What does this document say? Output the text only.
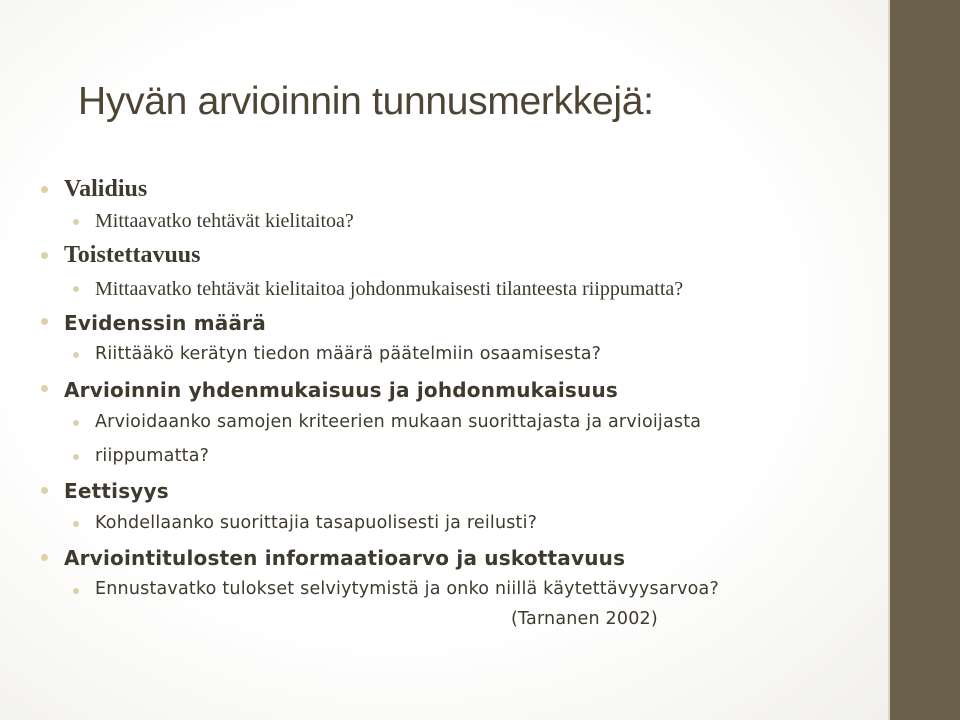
Hyvän arvioinnin tunnusmerkkejä:
Validius
Mittaavatko tehtävät kielitaitoa?
Toistettavuus
Mittaavatko tehtävät kielitaitoa johdonmukaisesti tilanteesta riippumatta?
Evidenssin määrä
Riittääkö kerätyn tiedon määrä päätelmiin osaamisesta?
Arvioinnin yhdenmukaisuus ja johdonmukaisuus
Arvioidaanko samojen kriteerien mukaan suorittajasta ja arvioijasta
riippumatta?
Eettisyys
Kohdellaanko suorittajia tasapuolisesti ja reilusti?
Arviointitulosten informaatioarvo ja uskottavuus
Ennustavatko tulokset selviytymistä ja onko niillä käytettävyysarvoa?
(Tarnanen 2002)
